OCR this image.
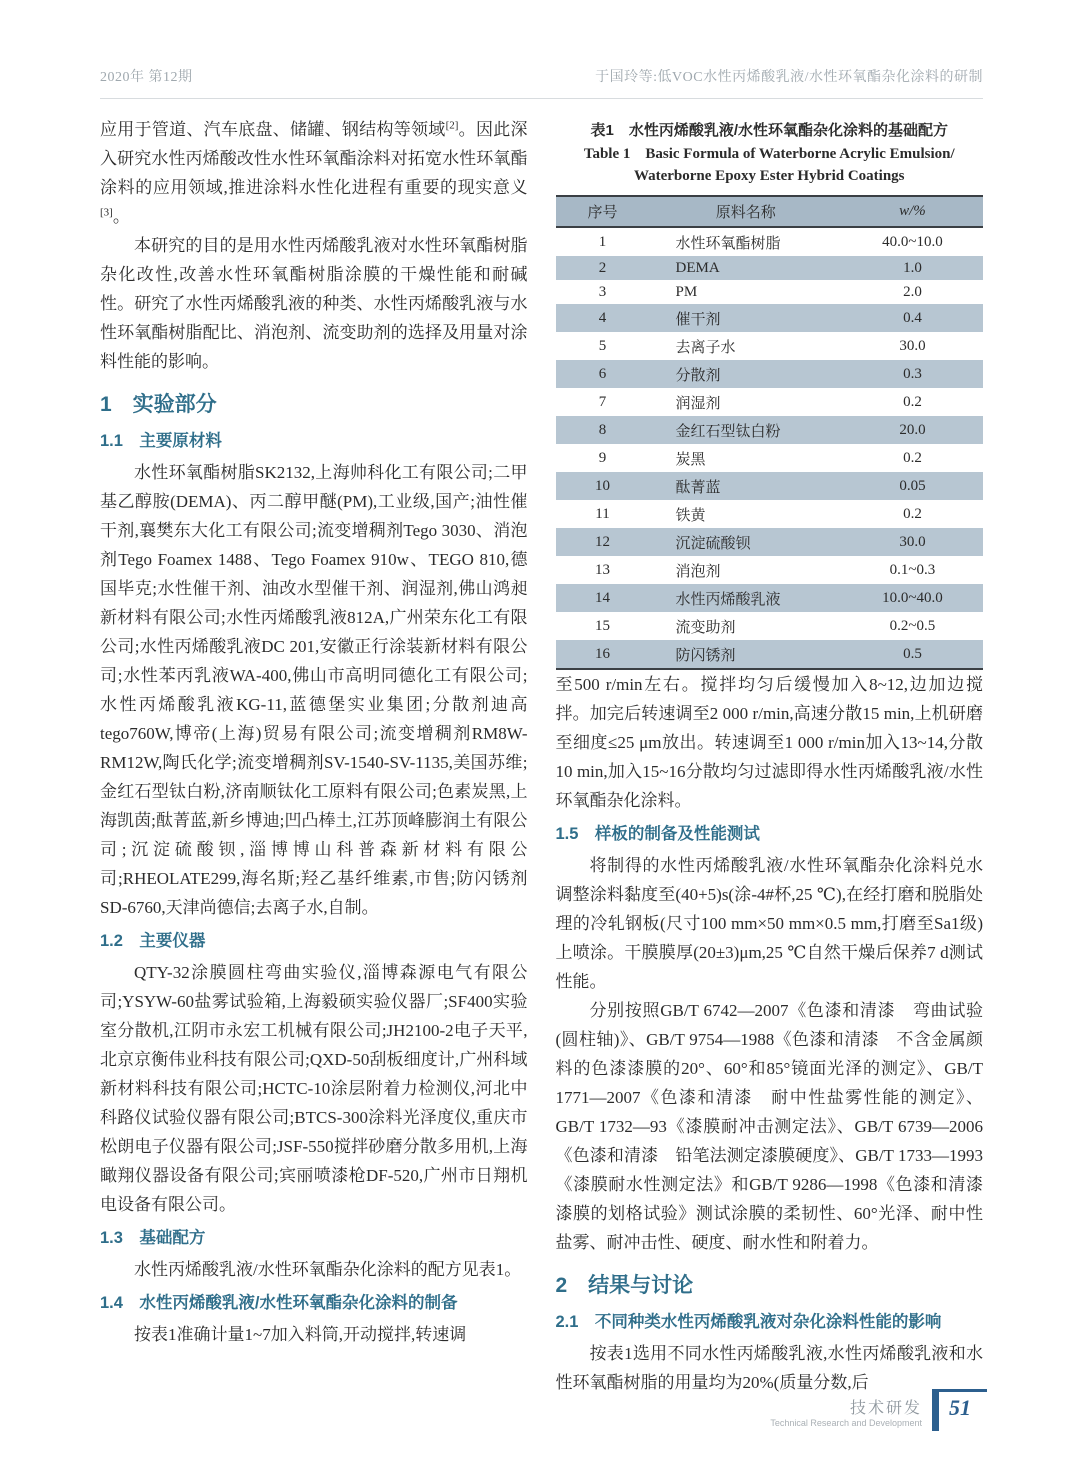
2020年 第12期	于国玲等:低VOC水性丙烯酸乳液/水性环氧酯杂化涂料的研制

应用于管道、汽车底盘、储罐、钢结构等领域[2]。因此深入研究水性丙烯酸改性水性环氧酯涂料对拓宽水性环氧酯涂料的应用领域,推进涂料水性化进程有重要的现实意义[3]。

本研究的目的是用水性丙烯酸乳液对水性环氧酯树脂杂化改性,改善水性环氧酯树脂涂膜的干燥性能和耐碱性。研究了水性丙烯酸乳液的种类、水性丙烯酸乳液与水性环氧酯树脂配比、消泡剂、流变助剂的选择及用量对涂料性能的影响。

1　实验部分
1.1　主要原材料

水性环氧酯树脂SK2132,上海帅科化工有限公司;二甲基乙醇胺(DEMA)、丙二醇甲醚(PM),工业级,国产;油性催干剂,襄樊东大化工有限公司;流变增稠剂Tego 3030、消泡剂Tego Foamex 1488、Tego Foamex 910w、TEGO 810,德国毕克;水性催干剂、油改水型催干剂、润湿剂,佛山鸿昶新材料有限公司;水性丙烯酸乳液812A,广州荣东化工有限公司;水性丙烯酸乳液DC 201,安徽正行涂装新材料有限公司;水性苯丙乳液WA-400,佛山市高明同德化工有限公司;水性丙烯酸乳液KG-11,蓝德堡实业集团;分散剂迪高tego760W,博帝(上海)贸易有限公司;流变增稠剂RM8W-RM12W,陶氏化学;流变增稠剂SV-1540-SV-1135,美国苏维;金红石型钛白粉,济南顺钛化工原料有限公司;色素炭黑,上海凯茵;酞菁蓝,新乡博迪;凹凸棒土,江苏顶峰膨润土有限公司;沉淀硫酸钡,淄博博山科普森新材料有限公司;RHEOLATE299,海名斯;羟乙基纤维素,市售;防闪锈剂SD-6760,天津尚德信;去离子水,自制。

1.2　主要仪器

QTY-32涂膜圆柱弯曲实验仪,淄博森源电气有限公司;YSYW-60盐雾试验箱,上海毅硕实验仪器厂;SF400实验室分散机,江阴市永宏工机械有限公司;JH2100-2电子天平,北京京衡伟业科技有限公司;QXD-50刮板细度计,广州科域新材料科技有限公司;HCTC-10涂层附着力检测仪,河北中科路仪试验仪器有限公司;BTCS-300涂料光泽度仪,重庆市松朗电子仪器有限公司;JSF-550搅拌砂磨分散多用机,上海瞰翔仪器设备有限公司;宾丽喷漆枪DF-520,广州市日翔机电设备有限公司。

1.3　基础配方

水性丙烯酸乳液/水性环氧酯杂化涂料的配方见表1。

1.4　水性丙烯酸乳液/水性环氧酯杂化涂料的制备

按表1准确计量1~7加入料筒,开动搅拌,转速调

表1　水性丙烯酸乳液/水性环氧酯杂化涂料的基础配方
Table 1　Basic Formula of Waterborne Acrylic Emulsion/
Waterborne Epoxy Ester Hybrid Coatings
序号	原料名称	w/%
1	水性环氧酯树脂	40.0~10.0
2	DEMA	1.0
3	PM	2.0
4	催干剂	0.4
5	去离子水	30.0
6	分散剂	0.3
7	润湿剂	0.2
8	金红石型钛白粉	20.0
9	炭黑	0.2
10	酞菁蓝	0.05
11	铁黄	0.2
12	沉淀硫酸钡	30.0
13	消泡剂	0.1~0.3
14	水性丙烯酸乳液	10.0~40.0
15	流变助剂	0.2~0.5
16	防闪锈剂	0.5

至500 r/min左右。搅拌均匀后缓慢加入8~12,边加边搅拌。加完后转速调至2 000 r/min,高速分散15 min,上机研磨至细度≤25 μm放出。转速调至1 000 r/min加入13~14,分散10 min,加入15~16分散均匀过滤即得水性丙烯酸乳液/水性环氧酯杂化涂料。

1.5　样板的制备及性能测试

将制得的水性丙烯酸乳液/水性环氧酯杂化涂料兑水调整涂料黏度至(40+5)s(涂-4#杯,25 ℃),在经打磨和脱脂处理的冷轧钢板(尺寸100 mm×50 mm×0.5 mm,打磨至Sa1级)上喷涂。干膜膜厚(20±3)μm,25 ℃自然干燥后保养7 d测试性能。

分别按照GB/T 6742—2007《色漆和清漆　弯曲试验(圆柱轴)》、GB/T 9754—1988《色漆和清漆　不含金属颜料的色漆漆膜的20°、60°和85°镜面光泽的测定》、GB/T 1771—2007《色漆和清漆　耐中性盐雾性能的测定》、GB/T 1732—93《漆膜耐冲击测定法》、GB/T 6739—2006《色漆和清漆　铅笔法测定漆膜硬度》、GB/T 1733—1993《漆膜耐水性测定法》和GB/T 9286—1998《色漆和清漆　漆膜的划格试验》测试涂膜的柔韧性、60°光泽、耐中性盐雾、耐冲击性、硬度、耐水性和附着力。

2　结果与讨论
2.1　不同种类水性丙烯酸乳液对杂化涂料性能的影响

按表1选用不同水性丙烯酸乳液,水性丙烯酸乳液和水性环氧酯树脂的用量均为20%(质量分数,后

技术研发
Technical Research and Development
51
